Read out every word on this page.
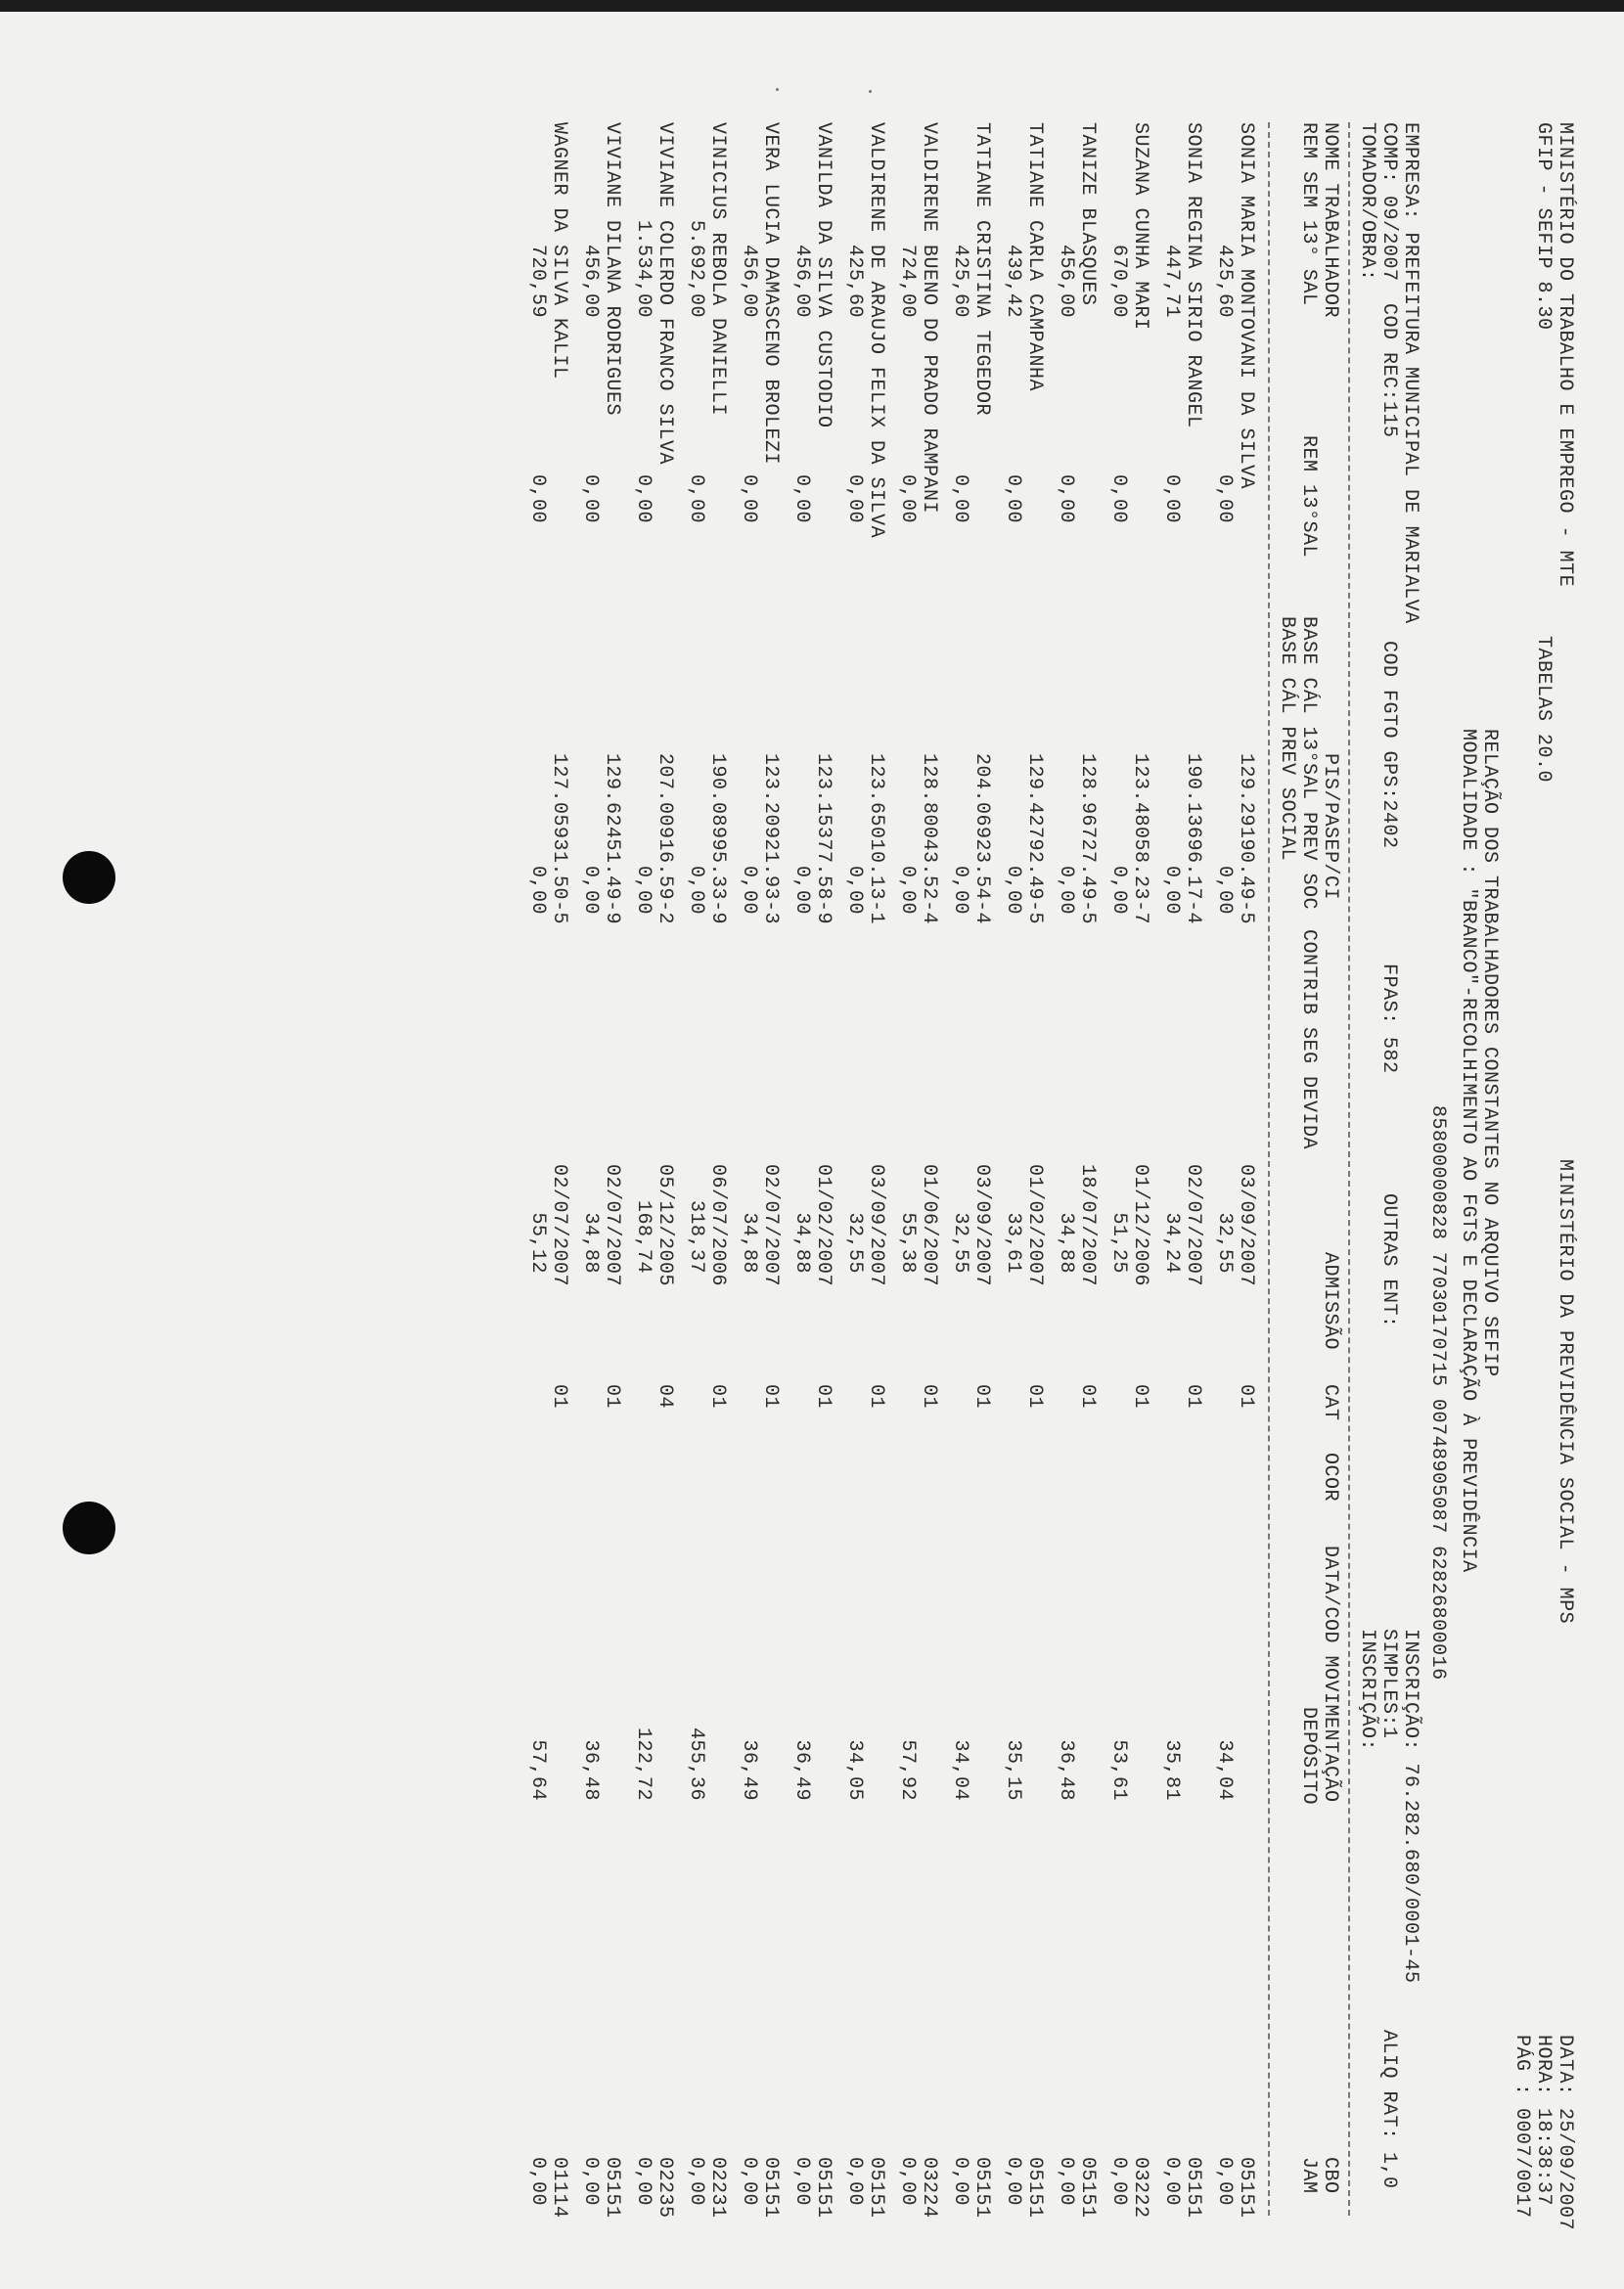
MINISTÉRIO DO TRABALHO E EMPREGO - MTE
GFIP - SEFIP 8.30
TABELAS 20.0
MINISTÉRIO DA PREVIDÊNCIA SOCIAL - MPS
DATA: 25/09/2007
HORA: 18:38:37
PÁG : 0007/0017
RELAÇÃO DOS TRABALHADORES CONSTANTES NO ARQUIVO SEFIP
MODALIDADE : "BRANCO"-RECOLHIMENTO AO FGTS E DECLARAÇÃO À PREVIDÊNCIA
85800000828 77030170715 00748905087 62826800016
EMPRESA: PREFEITURA MUNICIPAL DE MARIALVA
INSCRIÇÃO: 76.282.680/0001-45
COMP: 09/2007
COD REC:115
COD FGTO GPS:2402
FPAS: 582
OUTRAS ENT:
SIMPLES:1
ALIQ RAT: 1,0
TOMADOR/OBRA:
INSCRIÇÃO:
NOME TRABALHADOR
PIS/PASEP/CI
ADMISSÃO
CAT
OCOR
DATA/COD MOVIMENTAÇÃO
CBO
REM SEM 13° SAL
REM 13°SAL
BASE CÁL 13°SAL PREV SOC
CONTRIB SEG DEVIDA
DEPÓSITO
JAM
BASE CÁL PREV SOCIAL
SONIA MARIA MONTOVANI DA SILVA
129.29190.49-5
03/09/2007
01
34,04
05151
425,60
0,00
0,00
32,55
0,00
SONIA REGINA SIRIO RANGEL
190.13696.17-4
02/07/2007
01
35,81
05151
447,71
0,00
0,00
34,24
0,00
SUZANA CUNHA MARI
123.48058.23-7
01/12/2006
01
53,61
03222
670,00
0,00
0,00
51,25
0,00
TANIZE BLASQUES
128.96727.49-5
18/07/2007
01
36,48
05151
456,00
0,00
0,00
34,88
0,00
TATIANE CARLA CAMPANHA
129.42792.49-5
01/02/2007
01
35,15
05151
439,42
0,00
0,00
33,61
0,00
TATIANE CRISTINA TEGEDOR
204.06923.54-4
03/09/2007
01
34,04
05151
425,60
0,00
0,00
32,55
0,00
VALDIRENE BUENO DO PRADO RAMPANI
128.80043.52-4
01/06/2007
01
57,92
03224
724,00
0,00
0,00
55,38
0,00
VALDIRENE DE ARAUJO FELIX DA SILVA
123.65010.13-1
03/09/2007
01
34,05
05151
425,60
0,00
0,00
32,55
0,00
VANILDA DA SILVA CUSTODIO
123.15377.58-9
01/02/2007
01
36,49
05151
456,00
0,00
0,00
34,88
0,00
VERA LUCIA DAMASCENO BROLEZI
123.20921.93-3
02/07/2007
01
36,49
05151
456,00
0,00
0,00
34,88
0,00
VINICIUS REBOLA DANIELLI
190.08995.33-9
06/07/2006
01
455,36
02231
5.692,00
0,00
0,00
318,37
0,00
VIVIANE COLERDO FRANCO SILVA
207.00916.59-2
05/12/2005
04
122,72
02235
1.534,00
0,00
0,00
168,74
0,00
VIVIANE DILANA RODRIGUES
129.62451.49-9
02/07/2007
01
36,48
05151
456,00
0,00
0,00
34,88
0,00
WAGNER DA SILVA KALIL
127.05931.50-5
02/07/2007
01
57,64
01114
720,59
0,00
0,00
55,12
0,00
